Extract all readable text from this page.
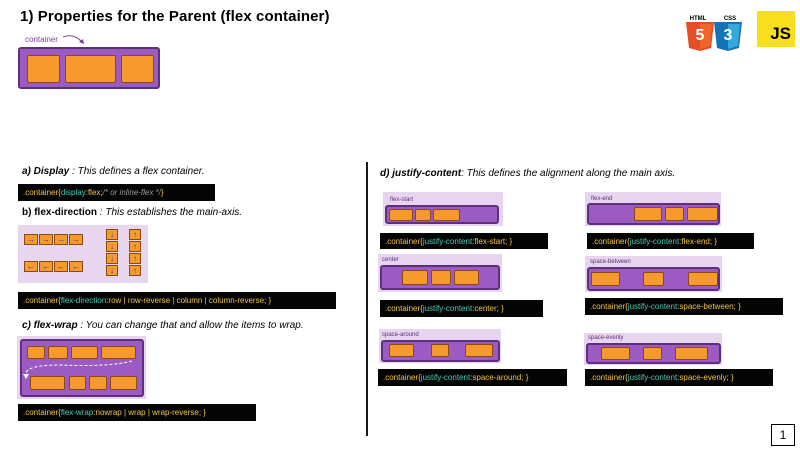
1) Properties for the Parent (flex container)
5
HTML
3
CSS
JS
container
a) Display : This defines a flex container.
.container { display : flex ; /* or inline-flex */ }
b) flex-direction : This establishes the main-axis.
→ → → →
← ← ← ←
↓
↓
↓
↓
↑
↑
↑
↑
.container { flex-direction : row | row-reverse | column | column-reverse ; }
c) flex-wrap : You can change that and allow the items to wrap.
.container { flex-wrap : nowrap | wrap | wrap-reverse ; }
d) justify-content: This defines the alignment along the main axis.
flex-start
.container { justify-content : flex-start ; }
flex-end
.container { justify-content : flex-end ; }
center
.container { justify-content : center ; }
space-between
.container { justify-content : space-between ; }
space-around
.container { justify-content : space-around ; }
space-evenly
.container { justify-content : space-evenly ; }
1
